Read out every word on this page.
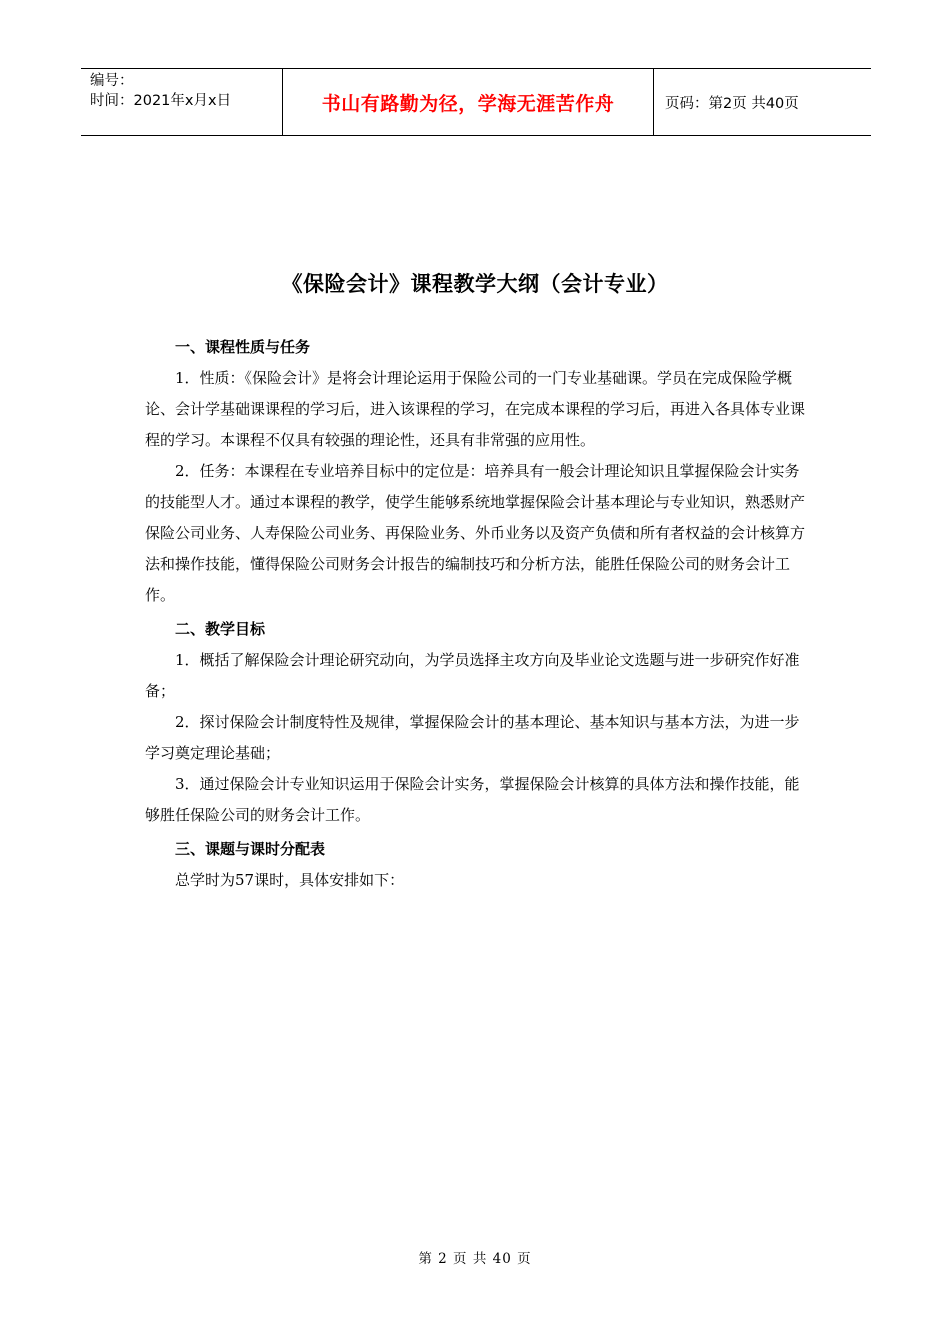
编号：
时间：2021年x月x日	书山有路勤为径，学海无涯苦作舟	页码：第2页 共40页
《保险会计》课程教学大纲（会计专业）

一、课程性质与任务

1．性质：《保险会计》是将会计理论运用于保险公司的一门专业基础课。学员在完成保险学概论、会计学基础课课程的学习后，进入该课程的学习，在完成本课程的学习后，再进入各具体专业课程的学习。本课程不仅具有较强的理论性，还具有非常强的应用性。

2．任务：本课程在专业培养目标中的定位是：培养具有一般会计理论知识且掌握保险会计实务的技能型人才。通过本课程的教学，使学生能够系统地掌握保险会计基本理论与专业知识，熟悉财产保险公司业务、人寿保险公司业务、再保险业务、外币业务以及资产负债和所有者权益的会计核算方法和操作技能，懂得保险公司财务会计报告的编制技巧和分析方法，能胜任保险公司的财务会计工作。

二、教学目标

1．概括了解保险会计理论研究动向，为学员选择主攻方向及毕业论文选题与进一步研究作好准备；

2．探讨保险会计制度特性及规律，掌握保险会计的基本理论、基本知识与基本方法，为进一步学习奠定理论基础；

3．通过保险会计专业知识运用于保险会计实务，掌握保险会计核算的具体方法和操作技能，能够胜任保险公司的财务会计工作。

三、课题与课时分配表

总学时为57课时，具体安排如下：

第 2 页 共 40 页
